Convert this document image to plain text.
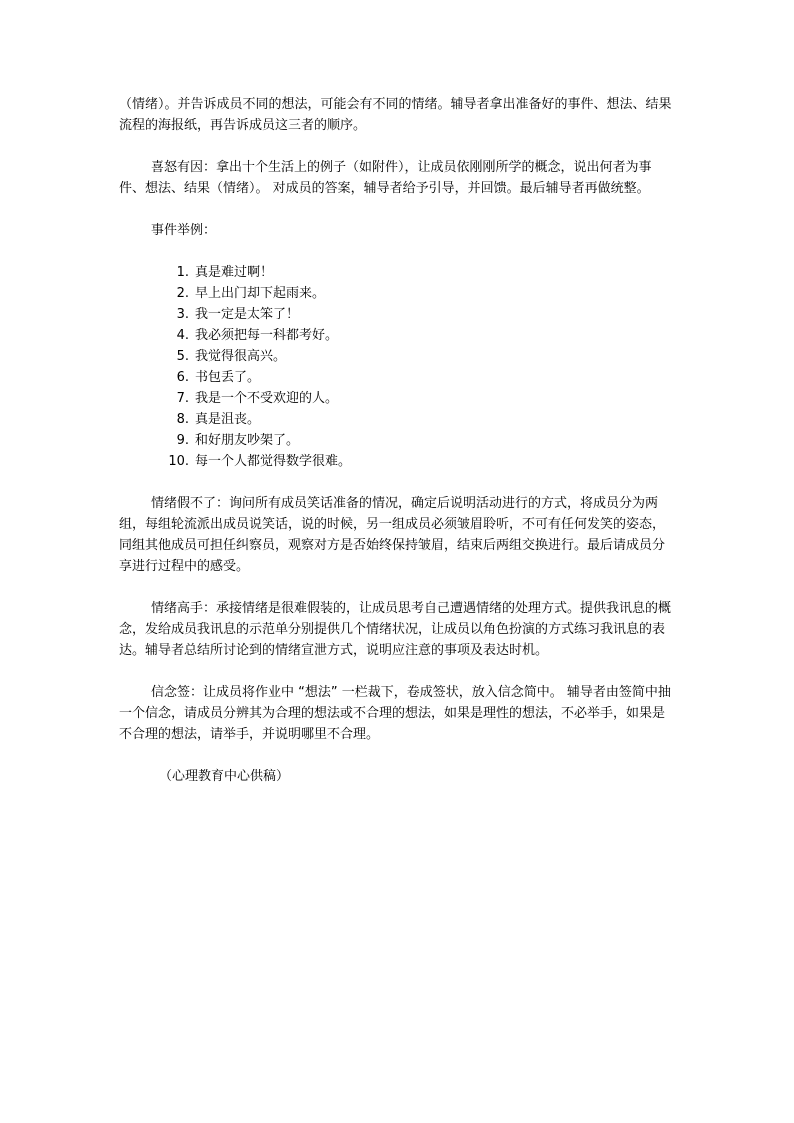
（情绪）。并告诉成员不同的想法，可能会有不同的情绪。辅导者拿出准备好的事件、想法、结果流程的海报纸，再告诉成员这三者的顺序。

喜怒有因：拿出十个生活上的例子（如附件），让成员依刚刚所学的概念，说出何者为事件、想法、结果（情绪）。 对成员的答案，辅导者给予引导，并回馈。最后辅导者再做统整。

事件举例：

1. 真是难过啊！
2. 早上出门却下起雨来。
3. 我一定是太笨了！
4. 我必须把每一科都考好。
5. 我觉得很高兴。
6. 书包丢了。
7. 我是一个不受欢迎的人。
8. 真是沮丧。
9. 和好朋友吵架了。
10. 每一个人都觉得数学很难。

情绪假不了：询问所有成员笑话准备的情况，确定后说明活动进行的方式，将成员分为两组，每组轮流派出成员说笑话，说的时候，另一组成员必须皱眉聆听，不可有任何发笑的姿态，同组其他成员可担任纠察员，观察对方是否始终保持皱眉，结束后两组交换进行。最后请成员分享进行过程中的感受。

情绪高手：承接情绪是很难假装的，让成员思考自己遭遇情绪的处理方式。提供我讯息的概念，发给成员我讯息的示范单分别提供几个情绪状况，让成员以角色扮演的方式练习我讯息的表达。辅导者总结所讨论到的情绪宣泄方式，说明应注意的事项及表达时机。

信念签：让成员将作业中 “想法” 一栏裁下，卷成签状，放入信念简中。 辅导者由签简中抽一个信念，请成员分辨其为合理的想法或不合理的想法，如果是理性的想法，不必举手，如果是不合理的想法，请举手，并说明哪里不合理。

（心理教育中心供稿）
